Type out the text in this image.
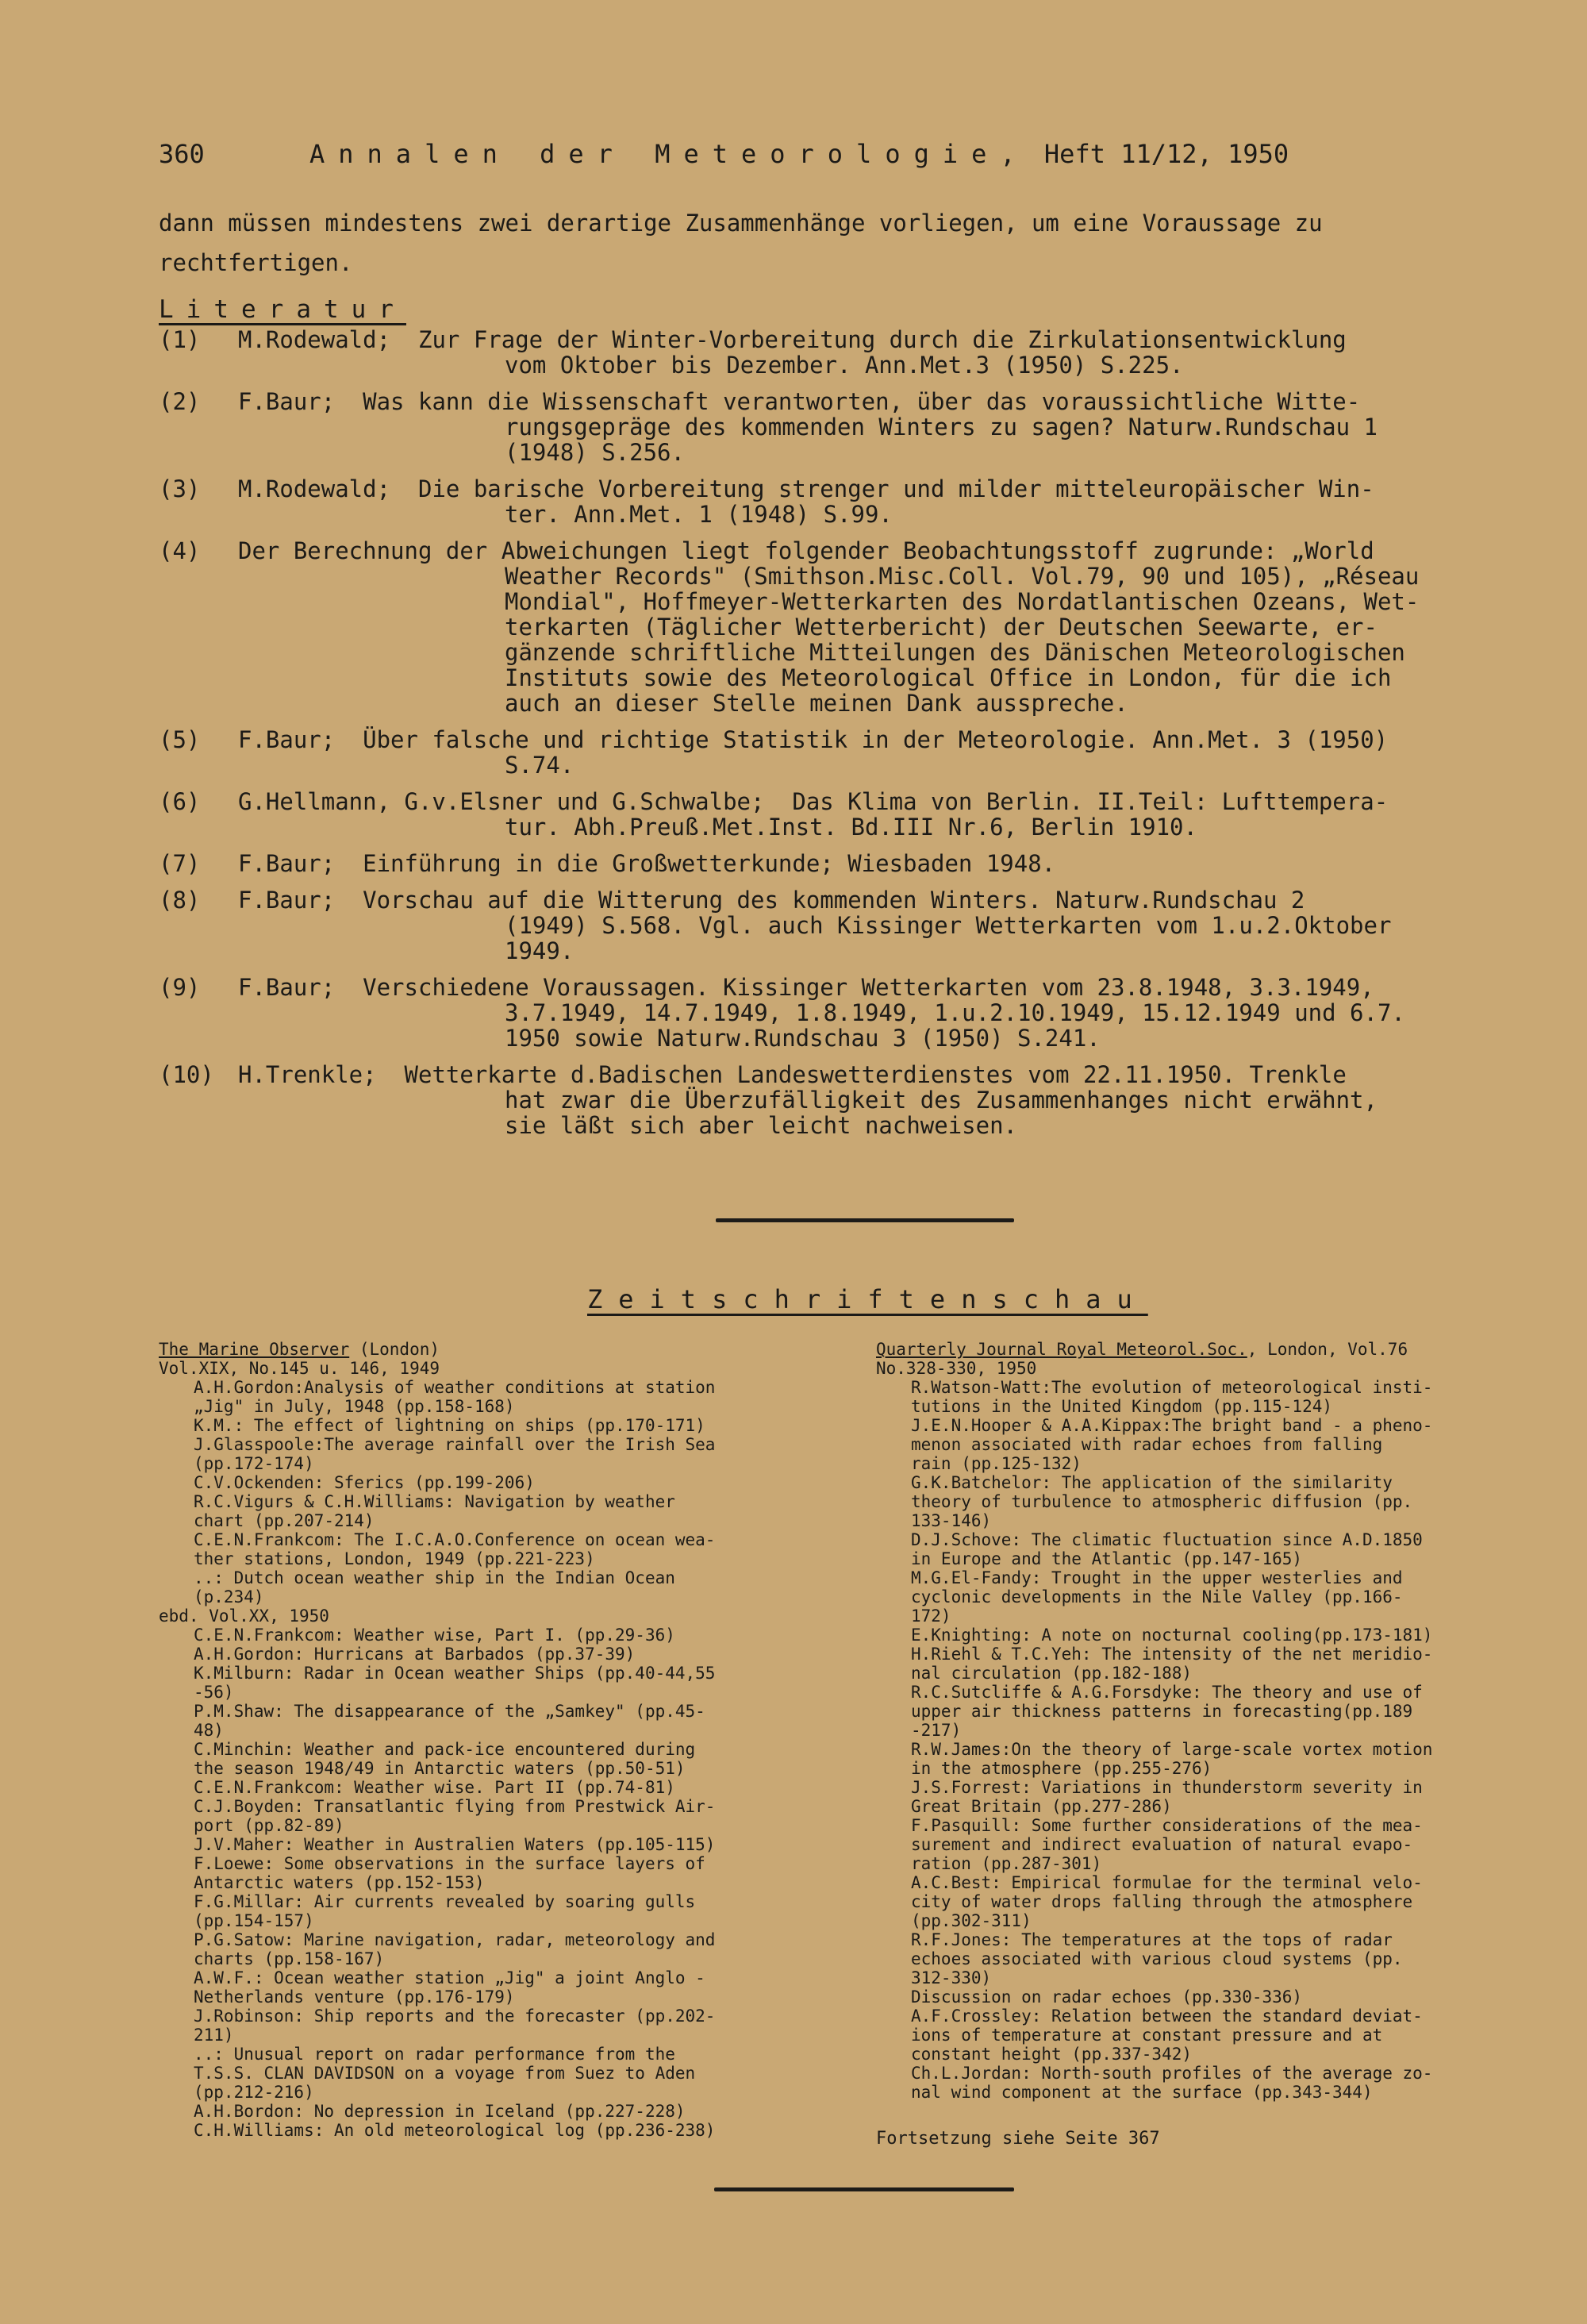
360	Annalen der Meteorologie, Heft 11/12, 1950

dann müssen mindestens zwei derartige Zusammenhänge vorliegen, um eine Voraussage zu rechtfertigen.

Literatur
(1) M.Rodewald; Zur Frage der Winter-Vorbereitung durch die Zirkulationsentwicklung
vom Oktober bis Dezember. Ann.Met.3 (1950) S.225.
(2) F.Baur; Was kann die Wissenschaft verantworten, über das voraussichtliche Witte-
rungsgepräge des kommenden Winters zu sagen? Naturw.Rundschau 1
(1948) S.256.
(3) M.Rodewald; Die barische Vorbereitung strenger und milder mitteleuropäischer Win-
ter. Ann.Met. 1 (1948) S.99.
(4) Der Berechnung der Abweichungen liegt folgender Beobachtungsstoff zugrunde: „World
Weather Records" (Smithson.Misc.Coll. Vol.79, 90 und 105), „Réseau
Mondial", Hoffmeyer-Wetterkarten des Nordatlantischen Ozeans, Wet-
terkarten (Täglicher Wetterbericht) der Deutschen Seewarte, er-
gänzende schriftliche Mitteilungen des Dänischen Meteorologischen
Instituts sowie des Meteorological Office in London, für die ich
auch an dieser Stelle meinen Dank ausspreche.
(5) F.Baur; Über falsche und richtige Statistik in der Meteorologie. Ann.Met. 3 (1950)
S.74.
(6) G.Hellmann, G.v.Elsner und G.Schwalbe; Das Klima von Berlin. II.Teil: Lufttempera-
tur. Abh.Preuß.Met.Inst. Bd.III Nr.6, Berlin 1910.
(7) F.Baur; Einführung in die Großwetterkunde; Wiesbaden 1948.
(8) F.Baur; Vorschau auf die Witterung des kommenden Winters. Naturw.Rundschau 2
(1949) S.568. Vgl. auch Kissinger Wetterkarten vom 1.u.2.Oktober
1949.
(9) F.Baur; Verschiedene Voraussagen. Kissinger Wetterkarten vom 23.8.1948, 3.3.1949,
3.7.1949, 14.7.1949, 1.8.1949, 1.u.2.10.1949, 15.12.1949 und 6.7.
1950 sowie Naturw.Rundschau 3 (1950) S.241.
(10) H.Trenkle; Wetterkarte d.Badischen Landeswetterdienstes vom 22.11.1950. Trenkle
hat zwar die Überzufälligkeit des Zusammenhanges nicht erwähnt,
sie läßt sich aber leicht nachweisen.
Zeitschriftenschau
The Marine Observer (London)
Vol.XIX, No.145 u. 146, 1949
A.H.Gordon:Analysis of weather conditions at station
„Jig" in July, 1948 (pp.158-168)
K.M.: The effect of lightning on ships (pp.170-171)
J.Glasspoole:The average rainfall over the Irish Sea
(pp.172-174)
C.V.Ockenden: Sferics (pp.199-206)
R.C.Vigurs & C.H.Williams: Navigation by weather
chart (pp.207-214)
C.E.N.Frankcom: The I.C.A.O.Conference on ocean wea-
ther stations, London, 1949 (pp.221-223)
..: Dutch ocean weather ship in the Indian Ocean
(p.234)
ebd. Vol.XX, 1950
C.E.N.Frankcom: Weather wise, Part I. (pp.29-36)
A.H.Gordon: Hurricans at Barbados (pp.37-39)
K.Milburn: Radar in Ocean weather Ships (pp.40-44,55
-56)
P.M.Shaw: The disappearance of the „Samkey" (pp.45-
48)
C.Minchin: Weather and pack-ice encountered during
the season 1948/49 in Antarctic waters (pp.50-51)
C.E.N.Frankcom: Weather wise. Part II (pp.74-81)
C.J.Boyden: Transatlantic flying from Prestwick Air-
port (pp.82-89)
J.V.Maher: Weather in Australien Waters (pp.105-115)
F.Loewe: Some observations in the surface layers of
Antarctic waters (pp.152-153)
F.G.Millar: Air currents revealed by soaring gulls
(pp.154-157)
P.G.Satow: Marine navigation, radar, meteorology and
charts (pp.158-167)
A.W.F.: Ocean weather station „Jig" a joint Anglo -
Netherlands venture (pp.176-179)
J.Robinson: Ship reports and the forecaster (pp.202-
211)
..: Unusual report on radar performance from the
T.S.S. CLAN DAVIDSON on a voyage from Suez to Aden
(pp.212-216)
A.H.Bordon: No depression in Iceland (pp.227-228)
C.H.Williams: An old meteorological log (pp.236-238)
Quarterly Journal Royal Meteorol.Soc., London, Vol.76
No.328-330, 1950
R.Watson-Watt:The evolution of meteorological insti-
tutions in the United Kingdom (pp.115-124)
J.E.N.Hooper & A.A.Kippax:The bright band - a pheno-
menon associated with radar echoes from falling
rain (pp.125-132)
G.K.Batchelor: The application of the similarity
theory of turbulence to atmospheric diffusion (pp.
133-146)
D.J.Schove: The climatic fluctuation since A.D.1850
in Europe and the Atlantic (pp.147-165)
M.G.El-Fandy: Trought in the upper westerlies and
cyclonic developments in the Nile Valley (pp.166-
172)
E.Knighting: A note on nocturnal cooling(pp.173-181)
H.Riehl & T.C.Yeh: The intensity of the net meridio-
nal circulation (pp.182-188)
R.C.Sutcliffe & A.G.Forsdyke: The theory and use of
upper air thickness patterns in forecasting(pp.189
-217)
R.W.James:On the theory of large-scale vortex motion
in the atmosphere (pp.255-276)
J.S.Forrest: Variations in thunderstorm severity in
Great Britain (pp.277-286)
F.Pasquill: Some further considerations of the mea-
surement and indirect evaluation of natural evapo-
ration (pp.287-301)
A.C.Best: Empirical formulae for the terminal velo-
city of water drops falling through the atmosphere
(pp.302-311)
R.F.Jones: The temperatures at the tops of radar
echoes associated with various cloud systems (pp.
312-330)
Discussion on radar echoes (pp.330-336)
A.F.Crossley: Relation between the standard deviat-
ions of temperature at constant pressure and at
constant height (pp.337-342)
Ch.L.Jordan: North-south profiles of the average zo-
nal wind component at the surface (pp.343-344)
Fortsetzung siehe Seite 367
